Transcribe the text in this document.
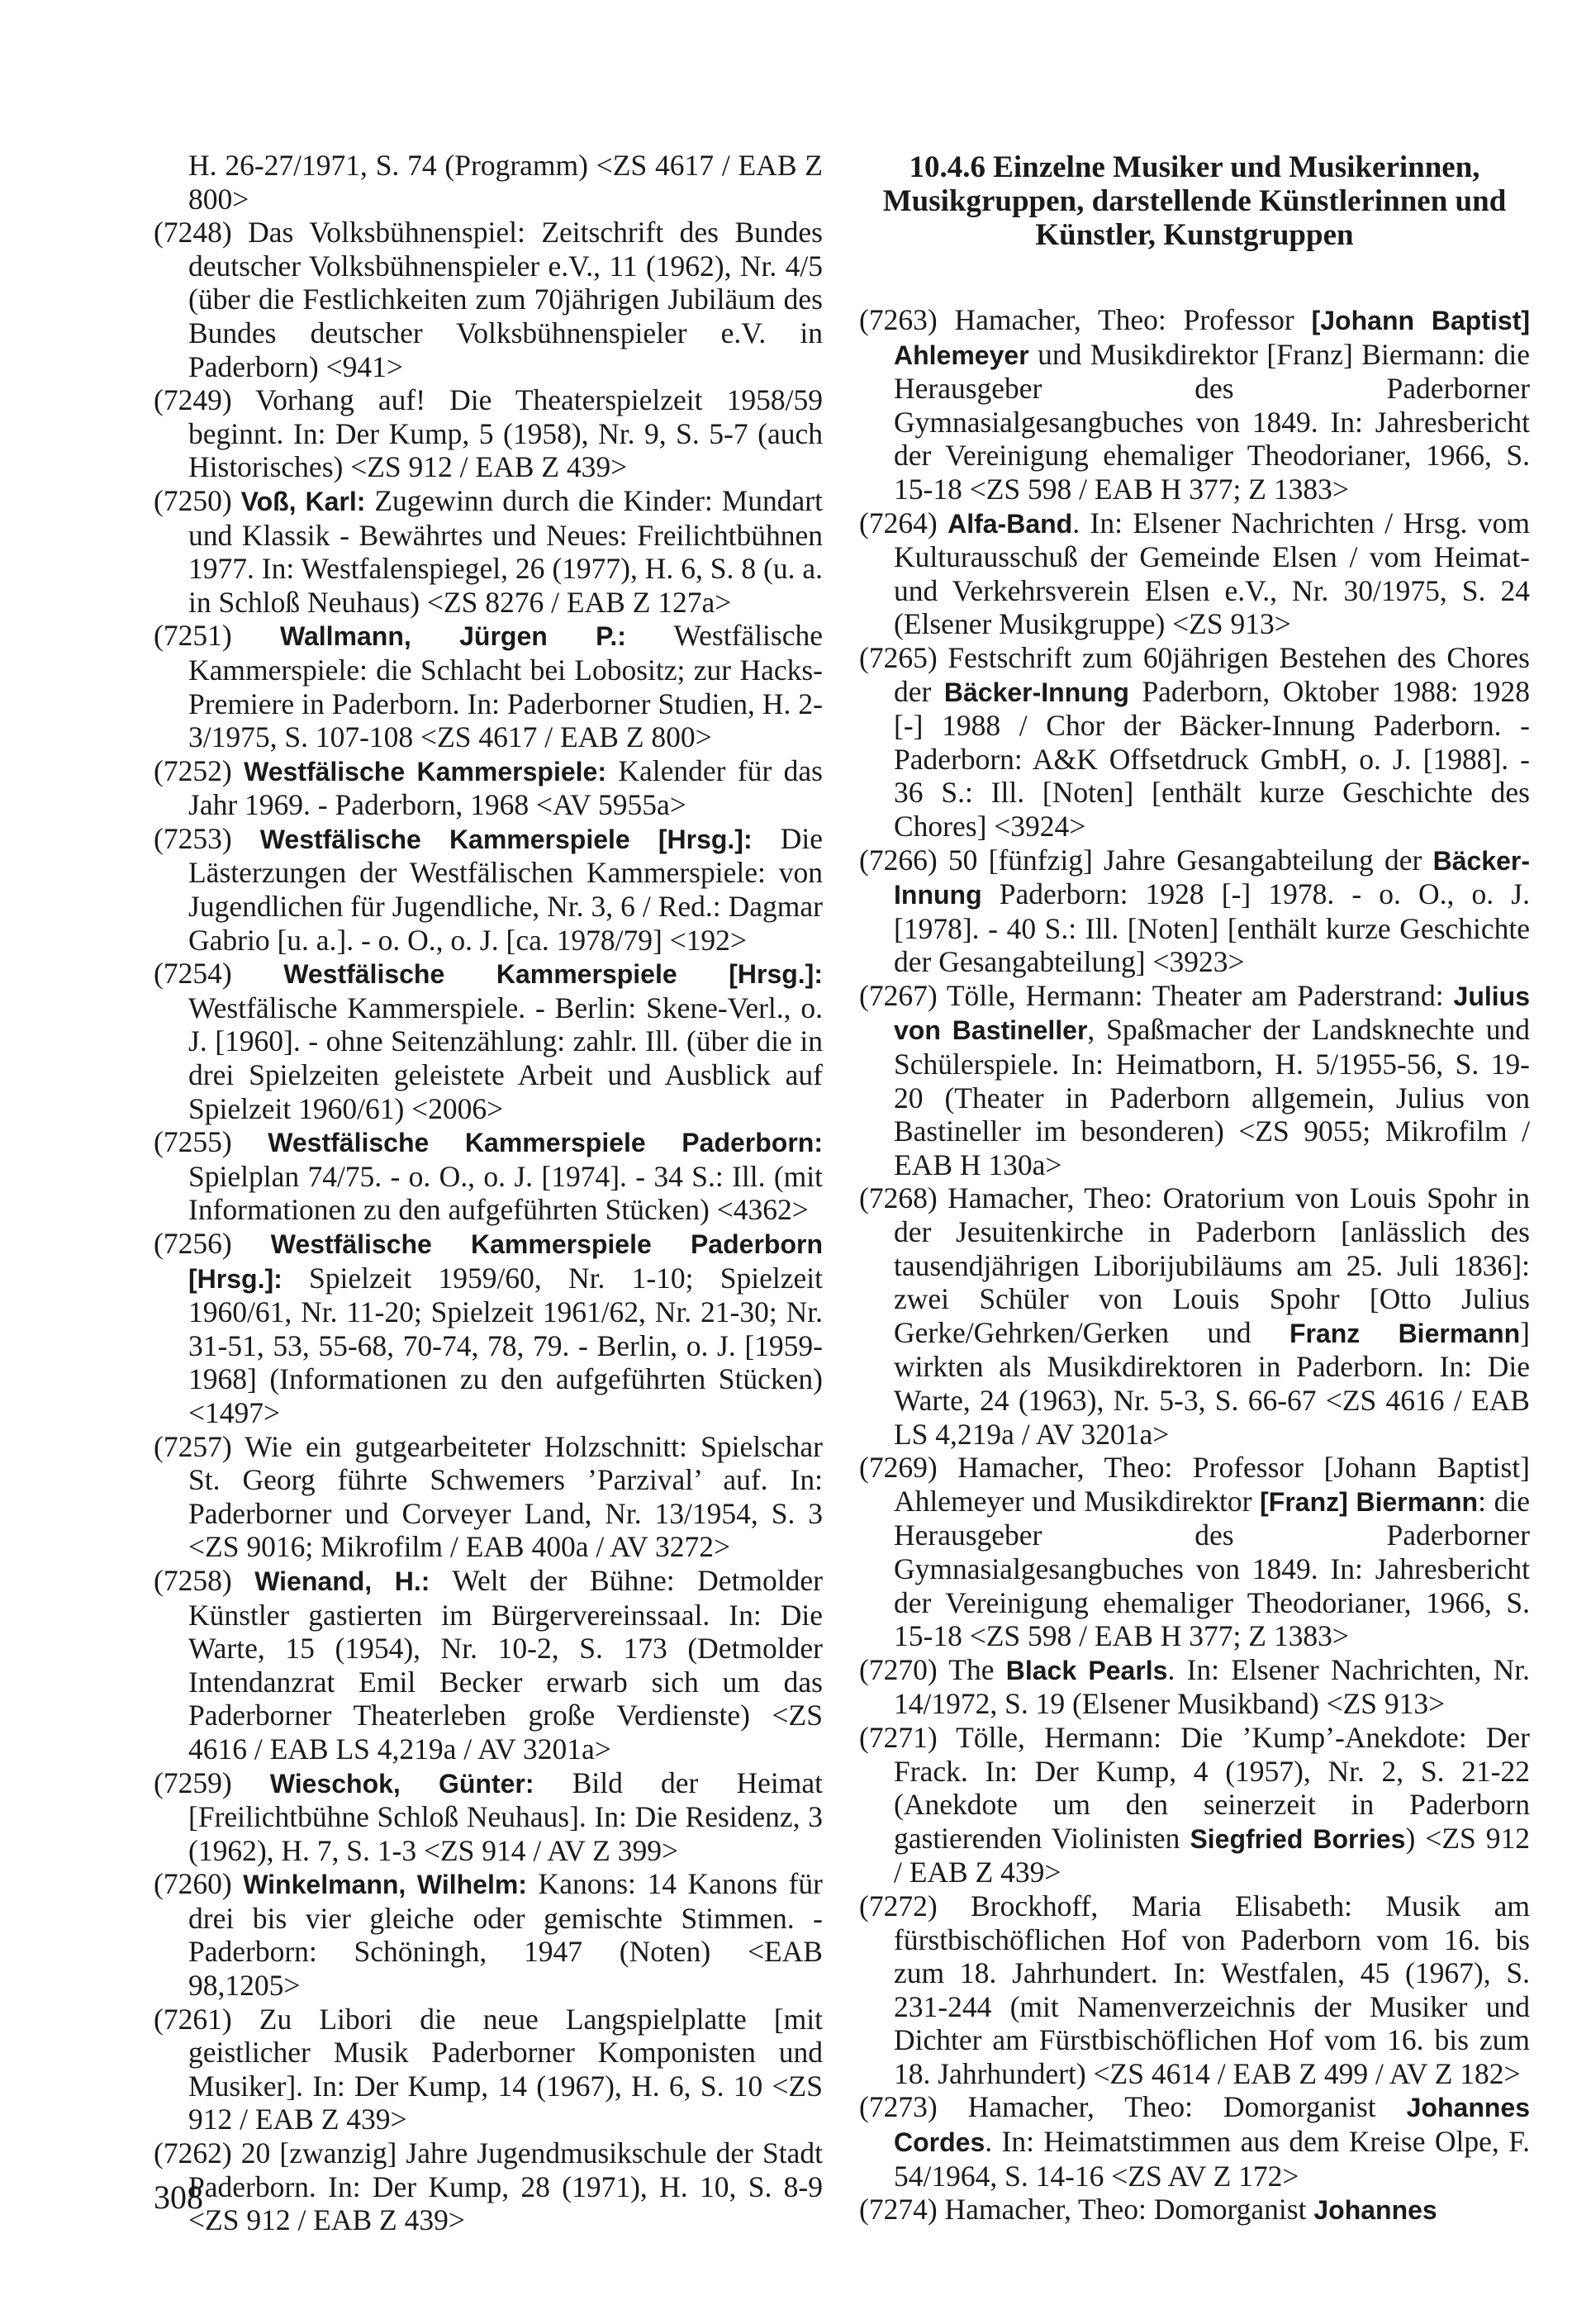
H. 26-27/1971, S. 74 (Programm) <ZS 4617 / EAB Z 800>

(7248) Das Volksbühnenspiel: Zeitschrift des Bundes deutscher Volksbühnenspieler e.V., 11 (1962), Nr. 4/5 (über die Festlichkeiten zum 70jährigen Jubiläum des Bundes deutscher Volksbühnenspieler e.V. in Paderborn) <941>

(7249) Vorhang auf! Die Theaterspielzeit 1958/59 beginnt. In: Der Kump, 5 (1958), Nr. 9, S. 5-7 (auch Historisches) <ZS 912 / EAB Z 439>

(7250) Voß, Karl: Zugewinn durch die Kinder: Mundart und Klassik - Bewährtes und Neues: Freilichtbühnen 1977. In: Westfalenspiegel, 26 (1977), H. 6, S. 8 (u. a. in Schloß Neuhaus) <ZS 8276 / EAB Z 127a>

(7251) Wallmann, Jürgen P.: Westfälische Kammerspiele: die Schlacht bei Lobositz; zur Hacks-Premiere in Paderborn. In: Paderborner Studien, H. 2-3/1975, S. 107-108 <ZS 4617 / EAB Z 800>

(7252) Westfälische Kammerspiele: Kalender für das Jahr 1969. - Paderborn, 1968 <AV 5955a>

(7253) Westfälische Kammerspiele [Hrsg.]: Die Lästerzungen der Westfälischen Kammerspiele: von Jugendlichen für Jugendliche, Nr. 3, 6 / Red.: Dagmar Gabrio [u. a.]. - o. O., o. J. [ca. 1978/79] <192>

(7254) Westfälische Kammerspiele [Hrsg.]: Westfälische Kammerspiele. - Berlin: Skene-Verl., o. J. [1960]. - ohne Seitenzählung: zahlr. Ill. (über die in drei Spielzeiten geleistete Arbeit und Ausblick auf Spielzeit 1960/61) <2006>

(7255) Westfälische Kammerspiele Paderborn: Spielplan 74/75. - o. O., o. J. [1974]. - 34 S.: Ill. (mit Informationen zu den aufgeführten Stücken) <4362>

(7256) Westfälische Kammerspiele Paderborn [Hrsg.]: Spielzeit 1959/60, Nr. 1-10; Spielzeit 1960/61, Nr. 11-20; Spielzeit 1961/62, Nr. 21-30; Nr. 31-51, 53, 55-68, 70-74, 78, 79. - Berlin, o. J. [1959-1968] (Informationen zu den aufgeführten Stücken) <1497>

(7257) Wie ein gutgearbeiteter Holzschnitt: Spielschar St. Georg führte Schwemers ’Parzival’ auf. In: Paderborner und Corveyer Land, Nr. 13/1954, S. 3 <ZS 9016; Mikrofilm / EAB 400a / AV 3272>

(7258) Wienand, H.: Welt der Bühne: Detmolder Künstler gastierten im Bürgervereinssaal. In: Die Warte, 15 (1954), Nr. 10-2, S. 173 (Detmolder Intendanzrat Emil Becker erwarb sich um das Paderborner Theaterleben große Verdienste) <ZS 4616 / EAB LS 4,219a / AV 3201a>

(7259) Wieschok, Günter: Bild der Heimat [Freilichtbühne Schloß Neuhaus]. In: Die Residenz, 3 (1962), H. 7, S. 1-3 <ZS 914 / AV Z 399>

(7260) Winkelmann, Wilhelm: Kanons: 14 Kanons für drei bis vier gleiche oder gemischte Stimmen. - Paderborn: Schöningh, 1947 (Noten) <EAB 98,1205>

(7261) Zu Libori die neue Langspielplatte [mit geistlicher Musik Paderborner Komponisten und Musiker]. In: Der Kump, 14 (1967), H. 6, S. 10 <ZS 912 / EAB Z 439>

(7262) 20 [zwanzig] Jahre Jugendmusikschule der Stadt Paderborn. In: Der Kump, 28 (1971), H. 10, S. 8-9 <ZS 912 / EAB Z 439>

10.4.6 Einzelne Musiker und Musikerinnen, Musikgruppen, darstellende Künstlerinnen und Künstler, Kunstgruppen

(7263) Hamacher, Theo: Professor [Johann Baptist] Ahlemeyer und Musikdirektor [Franz] Biermann: die Herausgeber des Paderborner Gymnasialgesangbuches von 1849. In: Jahresbericht der Vereinigung ehemaliger Theodorianer, 1966, S. 15-18 <ZS 598 / EAB H 377; Z 1383>

(7264) Alfa-Band. In: Elsener Nachrichten / Hrsg. vom Kulturausschuß der Gemeinde Elsen / vom Heimat- und Verkehrsverein Elsen e.V., Nr. 30/1975, S. 24 (Elsener Musikgruppe) <ZS 913>

(7265) Festschrift zum 60jährigen Bestehen des Chores der Bäcker-Innung Paderborn, Oktober 1988: 1928 [-] 1988 / Chor der Bäcker-Innung Paderborn. - Paderborn: A&K Offsetdruck GmbH, o. J. [1988]. - 36 S.: Ill. [Noten] [enthält kurze Geschichte des Chores] <3924>

(7266) 50 [fünfzig] Jahre Gesangabteilung der Bäcker-Innung Paderborn: 1928 [-] 1978. - o. O., o. J. [1978]. - 40 S.: Ill. [Noten] [enthält kurze Geschichte der Gesangabteilung] <3923>

(7267) Tölle, Hermann: Theater am Paderstrand: Julius von Bastineller, Spaßmacher der Landsknechte und Schülerspiele. In: Heimatborn, H. 5/1955-56, S. 19-20 (Theater in Paderborn allgemein, Julius von Bastineller im besonderen) <ZS 9055; Mikrofilm / EAB H 130a>

(7268) Hamacher, Theo: Oratorium von Louis Spohr in der Jesuitenkirche in Paderborn [anlässlich des tausendjährigen Liborijubiläums am 25. Juli 1836]: zwei Schüler von Louis Spohr [Otto Julius Gerke/Gehrken/Gerken und Franz Biermann] wirkten als Musikdirektoren in Paderborn. In: Die Warte, 24 (1963), Nr. 5-3, S. 66-67 <ZS 4616 / EAB LS 4,219a / AV 3201a>

(7269) Hamacher, Theo: Professor [Johann Baptist] Ahlemeyer und Musikdirektor [Franz] Biermann: die Herausgeber des Paderborner Gymnasialgesangbuches von 1849. In: Jahresbericht der Vereinigung ehemaliger Theodorianer, 1966, S. 15-18 <ZS 598 / EAB H 377; Z 1383>

(7270) The Black Pearls. In: Elsener Nachrichten, Nr. 14/1972, S. 19 (Elsener Musikband) <ZS 913>

(7271) Tölle, Hermann: Die ’Kump’-Anekdote: Der Frack. In: Der Kump, 4 (1957), Nr. 2, S. 21-22 (Anekdote um den seinerzeit in Paderborn gastierenden Violinisten Siegfried Borries) <ZS 912 / EAB Z 439>

(7272) Brockhoff, Maria Elisabeth: Musik am fürstbischöflichen Hof von Paderborn vom 16. bis zum 18. Jahrhundert. In: Westfalen, 45 (1967), S. 231-244 (mit Namenverzeichnis der Musiker und Dichter am Fürstbischöflichen Hof vom 16. bis zum 18. Jahrhundert) <ZS 4614 / EAB Z 499 / AV Z 182>

(7273) Hamacher, Theo: Domorganist Johannes Cordes. In: Heimatstimmen aus dem Kreise Olpe, F. 54/1964, S. 14-16 <ZS AV Z 172>

(7274) Hamacher, Theo: Domorganist Johannes

308
